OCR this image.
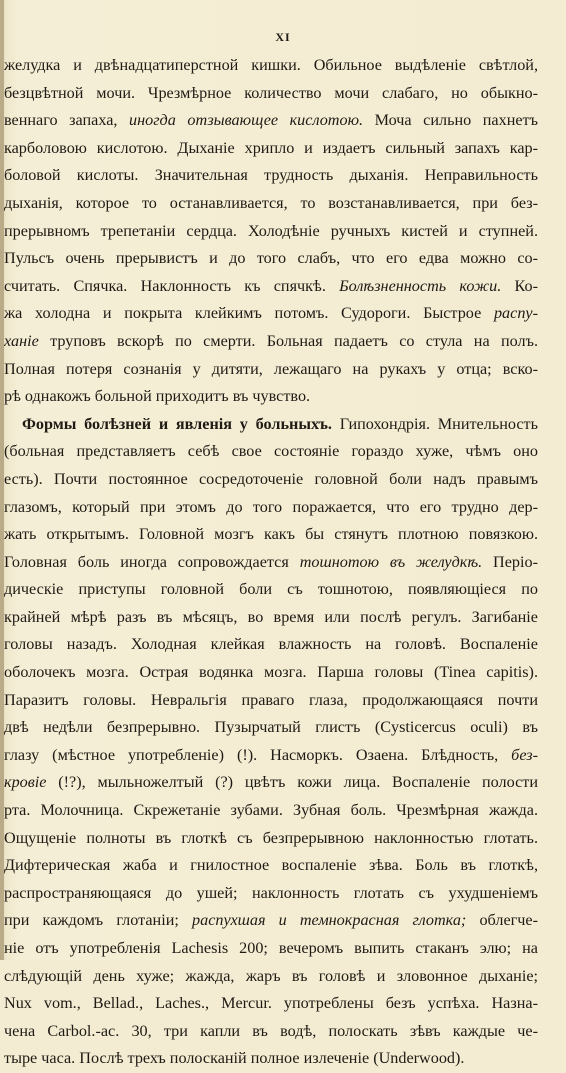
XI
желудка и двѣнадцатиперстной кишки. Обильное выдѣленіе свѣтлой,
безцвѣтной мочи. Чрезмѣрное количество мочи слабаго, но обыкно-
веннаго запаха, иногда отзывающее кислотою. Моча сильно пахнетъ
карболовою кислотою. Дыханіе хрипло и издаетъ сильный запахъ кар-
боловой кислоты. Значительная трудность дыханія. Неправильность
дыханія, которое то останавливается, то возстанавливается, при без-
прерывномъ трепетаніи сердца. Холодѣніе ручныхъ кистей и ступней.
Пульсъ очень прерывистъ и до того слабъ, что его едва можно со-
считать. Спячка. Наклонность къ спячкѣ. Болѣзненность кожи. Ко-
жа холодна и покрыта клейкимъ потомъ. Судороги. Быстрое распу-
ханіе труповъ вскорѣ по смерти. Больная падаетъ со стула на полъ.
Полная потеря сознанія у дитяти, лежащаго на рукахъ у отца; вско-
рѣ однакожъ больной приходитъ въ чувство.
Формы болѣзней и явленія у больныхъ. Гипохондрія. Мнительность
(больная представляетъ себѣ свое состояніе гораздо хуже, чѣмъ оно
есть). Почти постоянное сосредоточеніе головной боли надъ правымъ
глазомъ, который при этомъ до того поражается, что его трудно дер-
жать открытымъ. Головной мозгъ какъ бы стянутъ плотною повязкою.
Головная боль иногда сопровождается тошнотою въ желудкѣ. Періо-
дическіе приступы головной боли съ тошнотою, появляющіеся по
крайней мѣрѣ разъ въ мѣсяцъ, во время или послѣ регулъ. Загибаніе
головы назадъ. Холодная клейкая влажность на головѣ. Воспаленіе
оболочекъ мозга. Острая водянка мозга. Парша головы (Tinea capitis).
Паразитъ головы. Невральгія праваго глаза, продолжающаяся почти
двѣ недѣли безпрерывно. Пузырчатый глистъ (Cysticercus oculi) въ
глазу (мѣстное употребленіе) (!). Насморкъ. Озаена. Блѣдность, без-
кровіе (!?), мыльножелтый (?) цвѣтъ кожи лица. Воспаленіе полости
рта. Молочница. Скрежетаніе зубами. Зубная боль. Чрезмѣрная жажда.
Ощущеніе полноты въ глоткѣ съ безпрерывною наклонностью глотать.
Дифтерическая жаба и гнилостное воспаленіе зѣва. Боль въ глоткѣ,
распространяющаяся до ушей; наклонность глотать съ ухудшеніемъ
при каждомъ глотаніи; распухшая и темнокрасная глотка; облегче-
ніе отъ употребленія Lachesis 200; вечеромъ выпить стаканъ элю; на
слѣдующій день хуже; жажда, жаръ въ головѣ и зловонное дыханіе;
Nux vom., Bellad., Laches., Mercur. употреблены безъ успѣха. Назна-
чена Carbol.-ac. 30, три капли въ водѣ, полоскать зѣвъ каждые че-
тыре часа. Послѣ трехъ полосканій полное излеченіе (Underwood).
